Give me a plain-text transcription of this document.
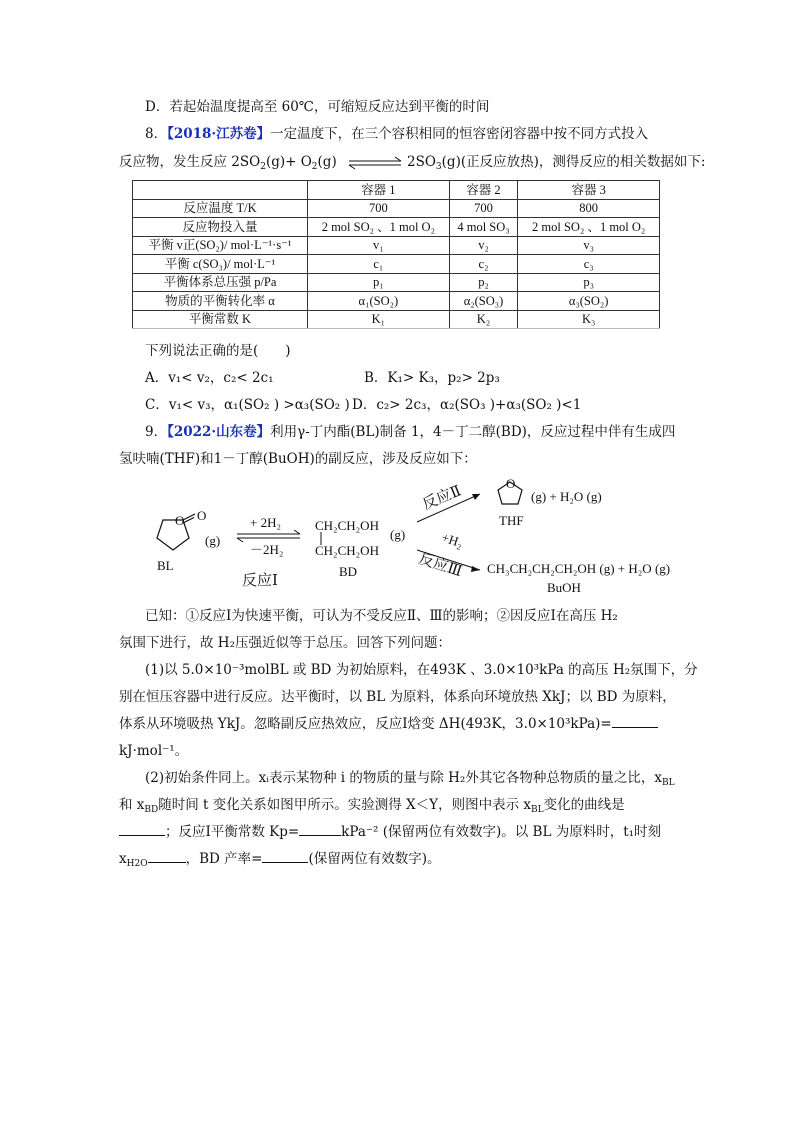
D．若起始温度提高至 60℃，可缩短反应达到平衡的时间
8．【2018·江苏卷】一定温度下，在三个容积相同的恒容密闭容器中按不同方式投入
反应物，发生反应 $2SO_2(g)+ O_2(g)$	$2SO_3(g)$(正反应放热)，测得反应的相关数据如下:
	容器 1	容器 2	容器 3
反应温度 T/K	700	700	800
反应物投入量	2 mol SO₂ 、1 mol O₂	4 mol SO₃	2 mol SO₂ 、1 mol O₂
平衡 v正(SO₂)/ mol·L⁻¹·s⁻¹	v₁	v₂	v₃
平衡 c(SO₃)/ mol·L⁻¹	c₁	c₂	c₃
平衡体系总压强 p/Pa	p₁	p₂	p₃
物质的平衡转化率 α	α₁(SO₂)	α₂(SO₃)	α₃(SO₂)
平衡常数 K	K₁	K₂	K₃
下列说法正确的是(　　)
A．v₁< v₂，c₂< 2c₁	B．K₁> K₃，p₂> 2p₃
C．v₁< v₃，α₁(SO₂ ) >α₃(SO₂ ) D．c₂> 2c₃，α₂(SO₃ )+α₃(SO₂ )<1
9．【2022·山东卷】利用γ-丁内酯(BL)制备 1，4－丁二醇(BD)，反应过程中伴有生成四
氢呋喃(THF)和1－丁醇(BuOH)的副反应，涉及反应如下：
O O
(g)
BL
+ 2H₂
－2H₂
反应Ⅰ
CH₂CH₂OH
CH₂CH₂OH
(g)
BD
反应Ⅱ	O
(g) + H₂O (g)
THF
+H₂
反应Ⅲ CH₃CH₂CH₂CH₂OH (g) + H₂O (g)
BuOH
已知：①反应Ⅰ为快速平衡，可认为不受反应Ⅱ、Ⅲ的影响；②因反应Ⅰ在高压 H₂
氛围下进行，故 H₂压强近似等于总压。回答下列问题：
(1)以 5.0×10⁻³molBL 或 BD 为初始原料，在493K 、3.0×10³kPa 的高压 H₂氛围下，分
别在恒压容器中进行反应。达平衡时，以 BL 为原料，体系向环境放热 XkJ；以 BD 为原料，
体系从环境吸热 YkJ。忽略副反应热效应，反应Ⅰ焓变 ΔH(493K，3.0×10³kPa)=
kJ·mol⁻¹。
(2)初始条件同上。xᵢ表示某物种 i 的物质的量与除 H₂外其它各物种总物质的量之比，$x_{BL}$
和 $x_{BD}$随时间 t 变化关系如图甲所示。实验测得 X＜Y，则图中表示 $x_{BL}$变化的曲线是
；反应Ⅰ平衡常数 Kp=	kPa⁻² (保留两位有效数字)。以 BL 为原料时，t₁时刻
$x_{H2O}$	，BD 产率=	(保留两位有效数字)。
